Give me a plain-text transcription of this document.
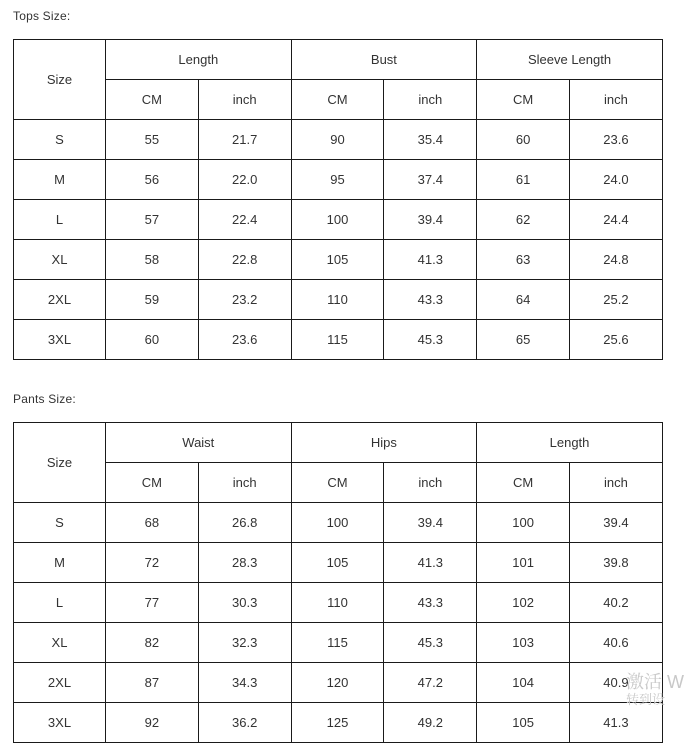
Tops Size:
Size	Length		Bust		Sleeve Length	
	CM	inch	CM	inch	CM	inch
S	55	21.7	90	35.4	60	23.6
M	56	22.0	95	37.4	61	24.0
L	57	22.4	100	39.4	62	24.4
XL	58	22.8	105	41.3	63	24.8
2XL	59	23.2	110	43.3	64	25.2
3XL	60	23.6	115	45.3	65	25.6
Pants Size:
Size	Waist		Hips		Length	
	CM	inch	CM	inch	CM	inch
S	68	26.8	100	39.4	100	39.4
M	72	28.3	105	41.3	101	39.8
L	77	30.3	110	43.3	102	40.2
XL	82	32.3	115	45.3	103	40.6
2XL	87	34.3	120	47.2	104	40.9
3XL	92	36.2	125	49.2	105	41.3
激活 W
转到设
